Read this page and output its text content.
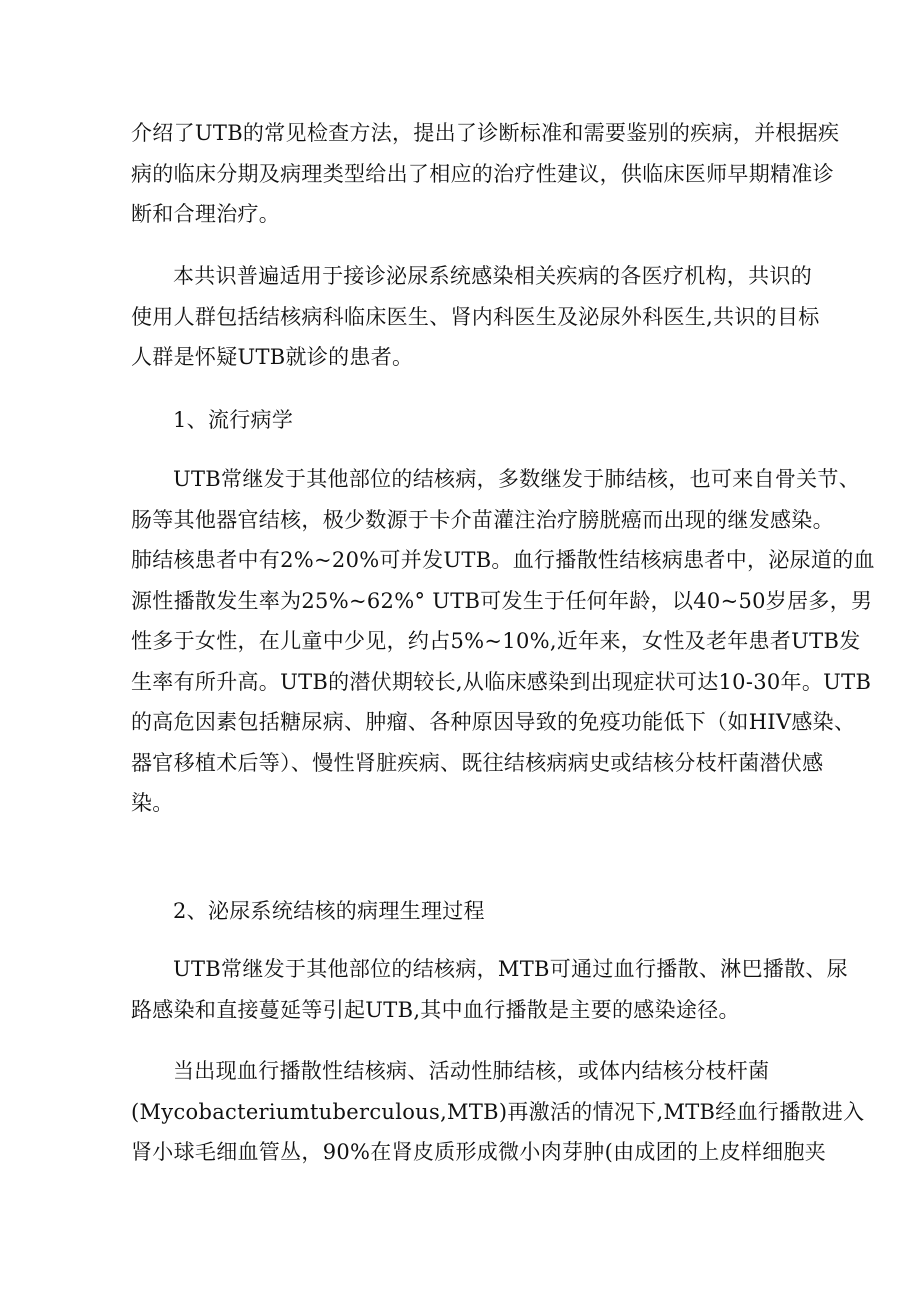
介绍了UTB的常见检查方法，提出了诊断标准和需要鉴别的疾病，并根据疾
病的临床分期及病理类型给出了相应的治疗性建议，供临床医师早期精准诊
断和合理治疗。
本共识普遍适用于接诊泌尿系统感染相关疾病的各医疗机构，共识的
使用人群包括结核病科临床医生、肾内科医生及泌尿外科医生,共识的目标
人群是怀疑UTB就诊的患者。
1、流行病学
UTB常继发于其他部位的结核病，多数继发于肺结核，也可来自骨关节、
肠等其他器官结核，极少数源于卡介苗灌注治疗膀胱癌而出现的继发感染。
肺结核患者中有2%~20%可并发UTB。血行播散性结核病患者中，泌尿道的血
源性播散发生率为25%~62%° UTB可发生于任何年龄，以40~50岁居多，男
性多于女性，在儿童中少见，约占5%~10%,近年来，女性及老年患者UTB发
生率有所升高。UTB的潜伏期较长,从临床感染到出现症状可达10-30年。UTB
的高危因素包括糖尿病、肿瘤、各种原因导致的免疫功能低下（如HIV感染、
器官移植术后等）、慢性肾脏疾病、既往结核病病史或结核分枝杆菌潜伏感
染。
2、泌尿系统结核的病理生理过程
UTB常继发于其他部位的结核病，MTB可通过血行播散、淋巴播散、尿
路感染和直接蔓延等引起UTB,其中血行播散是主要的感染途径。
当出现血行播散性结核病、活动性肺结核，或体内结核分枝杆菌
(Mycobacteriumtuberculous,MTB)再激活的情况下,MTB经血行播散进入
肾小球毛细血管丛，90%在肾皮质形成微小肉芽肿(由成团的上皮样细胞夹
